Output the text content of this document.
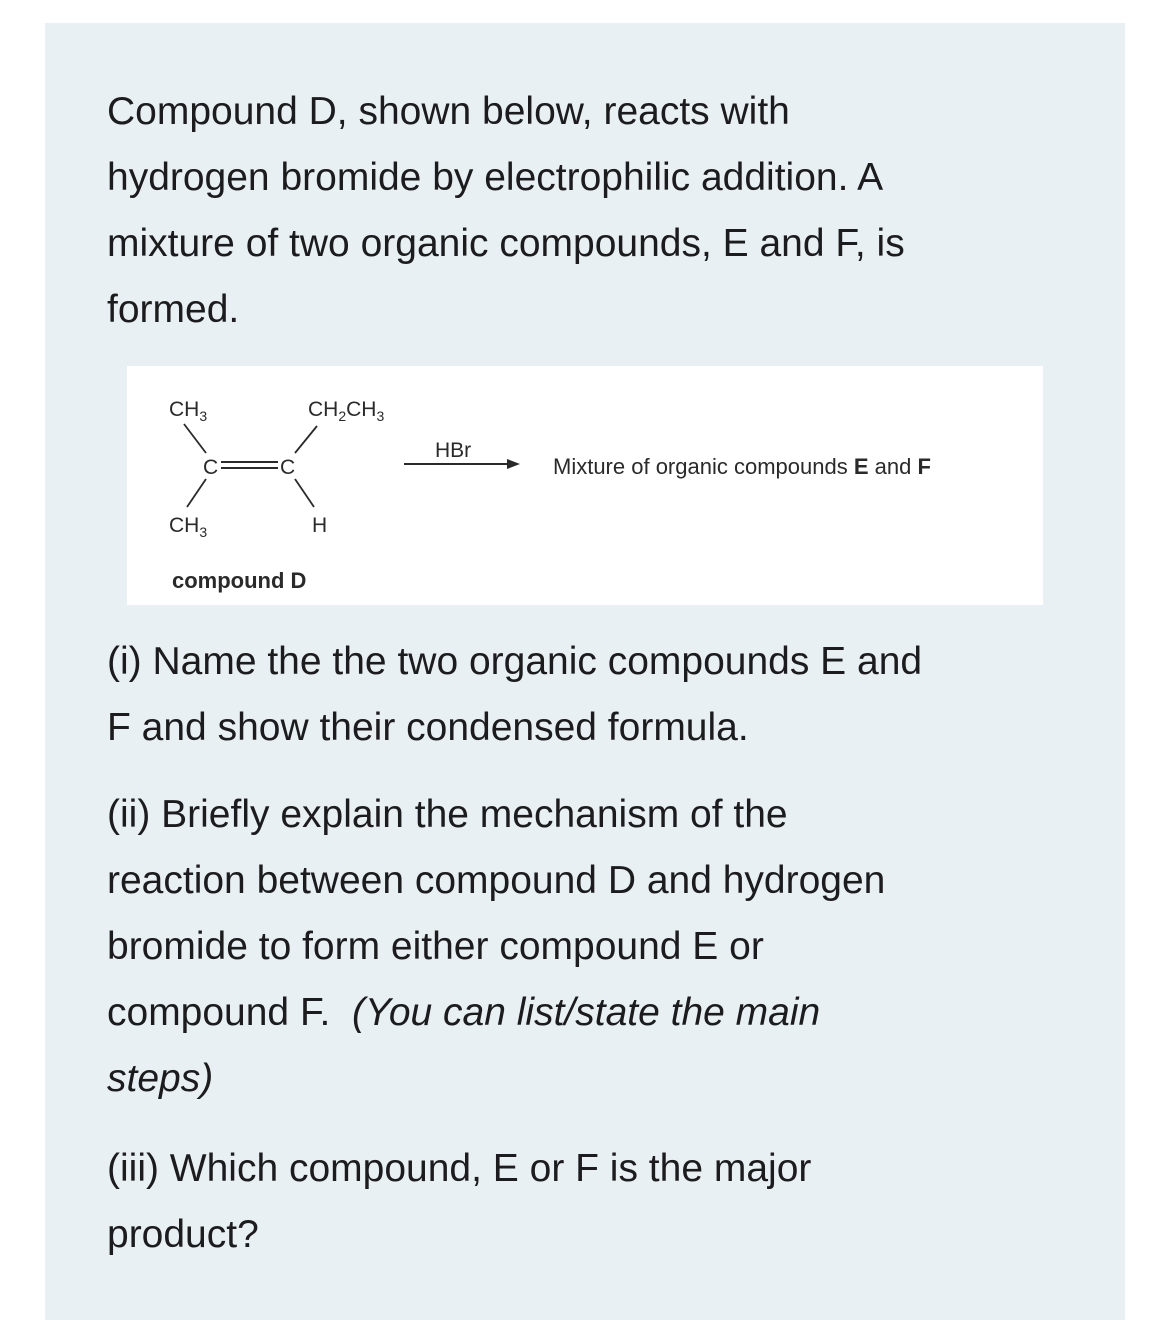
Compound D, shown below, reacts with
hydrogen bromide by electrophilic addition. A
mixture of two organic compounds, E and F, is
formed.

$CH_3$	$CH_2CH_3$
C	C
$CH_3$	H
compound D
HBr
Mixture of organic compounds E and F

(i) Name the the two organic compounds E and
F and show their condensed formula.

(ii) Briefly explain the mechanism of the
reaction between compound D and hydrogen
bromide to form either compound E or
compound F.  (You can list/state the main
steps)

(iii) Which compound, E or F is the major
product?
